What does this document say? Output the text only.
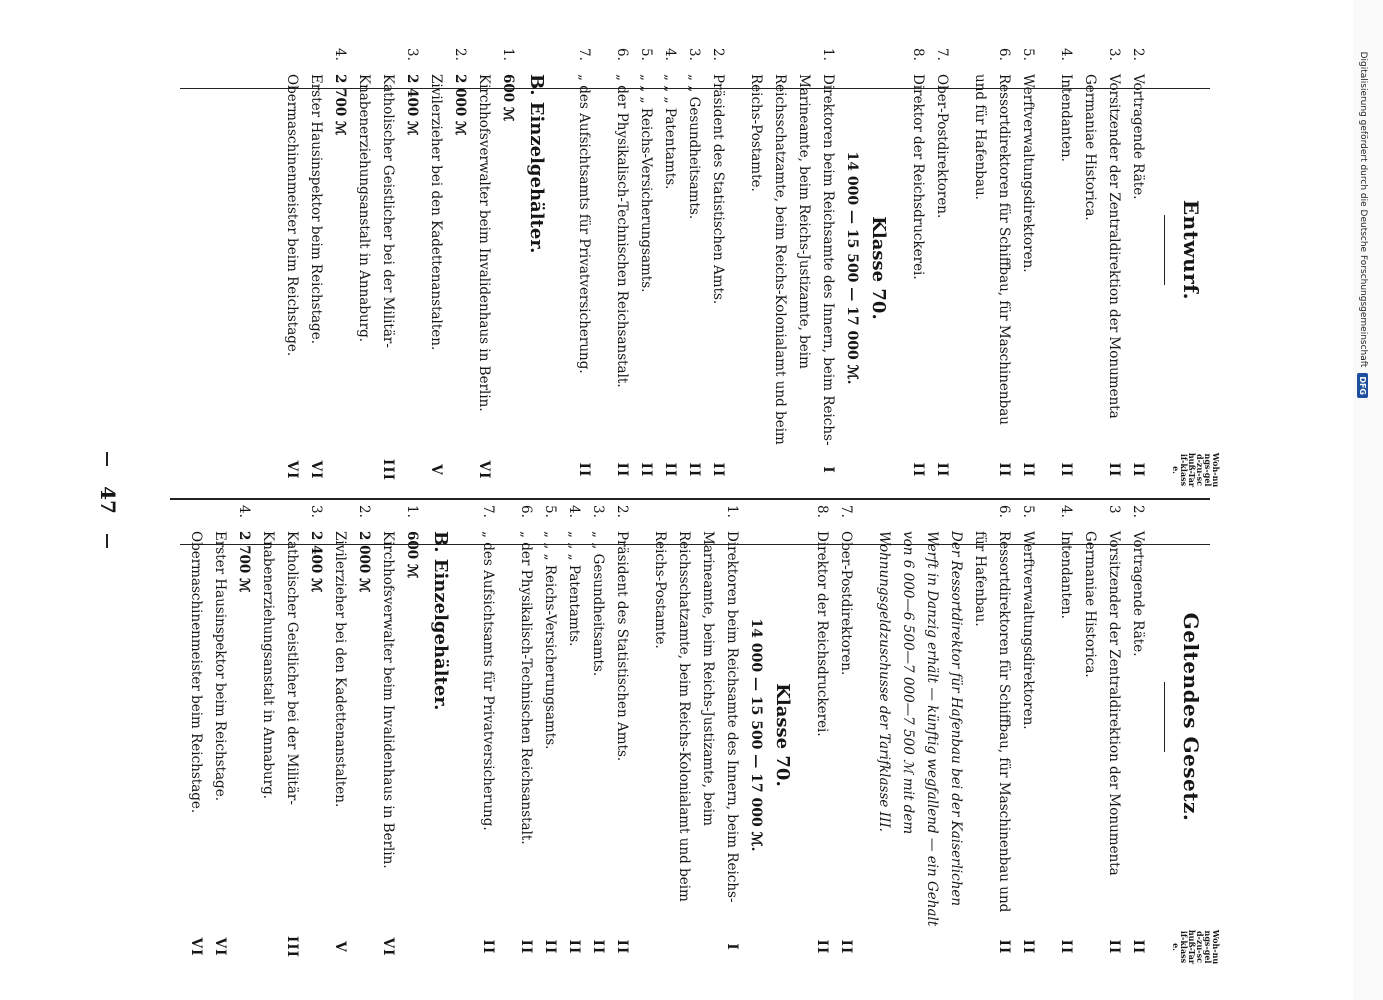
Digitalisierung gefördert durch die Deutsche Forschungsgemeinschaft
DFG
47
Geltendes Gesetz.
Woh-nungs-geld-zu-schuß-Tarif-klasse.
2.
Vortragende Räte.
II
3
Vorsitzender der Zentraldirektion der Monumenta Germaniae Historica.
II
4.
Intendanten.
II
5.
Werftverwaltungsdirektoren.
II
6.
Ressortdirektoren für Schiffbau, für Maschinenbau und für Hafenbau.
Der Ressortdirektor für Hafenbau bei der Kaiserlichen Werft in Danzig erhält — künftig wegfallend — ein Gehalt von 6 000—6 500—7 000—7 500 ℳ mit dem Wohnungsgeldzuschusse der Tarifklasse III.
II
7.
Ober-Postdirektoren.
II
8.
Direktor der Reichsdruckerei.
II
Klasse 70.
14 000 — 15 500 — 17 000 ℳ.
1.
Direktoren beim Reichsamte des Innern, beim Reichs-Marineamte, beim Reichs-Justizamte, beim Reichsschatzamte, beim Reichs-Kolonialamt und beim Reichs-Postamte.
I
2.
Präsident des Statistischen Amts.
II
3.
„ „ Gesundheitsamts.
II
4.
„ „ „ Patentamts.
II
5.
„ „ „ Reichs-Versicherungsamts.
II
6.
„ der Physikalisch-Technischen Reichsanstalt.
II
7.
„ des Aufsichtsamts für Privatversicherung.
II
B. Einzelgehälter.
1.
600 ℳ
Kirchhofsverwalter beim Invalidenhaus in Berlin.
VI
2.
2 000 ℳ
Zivilerzieher bei den Kadettenanstalten.
V
3.
2 400 ℳ
Katholischer Geistlicher bei der Militär-Knabenerziehungsanstalt in Annaburg.
III
4.
2 700 ℳ
Erster Hausinspektor beim Reichstage.
Obermaschinenmeister beim Reichstage.
VI
VI
Entwurf.
Woh-nungs-geld-zu-schuß-Tarif-klasse.
2.
Vortragende Räte.
II
3.
Vorsitzender der Zentraldirektion der Monumenta Germaniae Historica.
II
4.
Intendanten.
II
5.
Werftverwaltungsdirektoren.
II
6.
Ressortdirektoren für Schiffbau, für Maschinenbau und für Hafenbau.
II
7.
Ober-Postdirektoren.
II
8.
Direktor der Reichsdruckerei.
II
Klasse 70.
14 000 — 15 500 — 17 000 ℳ.
1.
Direktoren beim Reichsamte des Innern, beim Reichs-Marineamte, beim Reichs-Justizamte, beim Reichsschatzamte, beim Reichs-Kolonialamt und beim Reichs-Postamte.
I
2.
Präsident des Statistischen Amts.
II
3.
„ „ Gesundheitsamts.
II
4.
„ „ „ Patentamts.
II
5.
„ „ „ Reichs-Versicherungsamts.
II
6.
„ der Physikalisch-Technischen Reichsanstalt.
II
7.
„ des Aufsichtsamts für Privatversicherung.
II
B. Einzelgehälter.
1.
600 ℳ
Kirchhofsverwalter beim Invalidenhaus in Berlin.
VI
2.
2 000 ℳ
Zivilerzieher bei den Kadettenanstalten.
V
3.
2 400 ℳ
Katholischer Geistlicher bei der Militär-Knabenerziehungsanstalt in Annaburg.
III
4.
2 700 ℳ
Erster Hausinspektor beim Reichstage.
Obermaschinenmeister beim Reichstage.
VI
VI
